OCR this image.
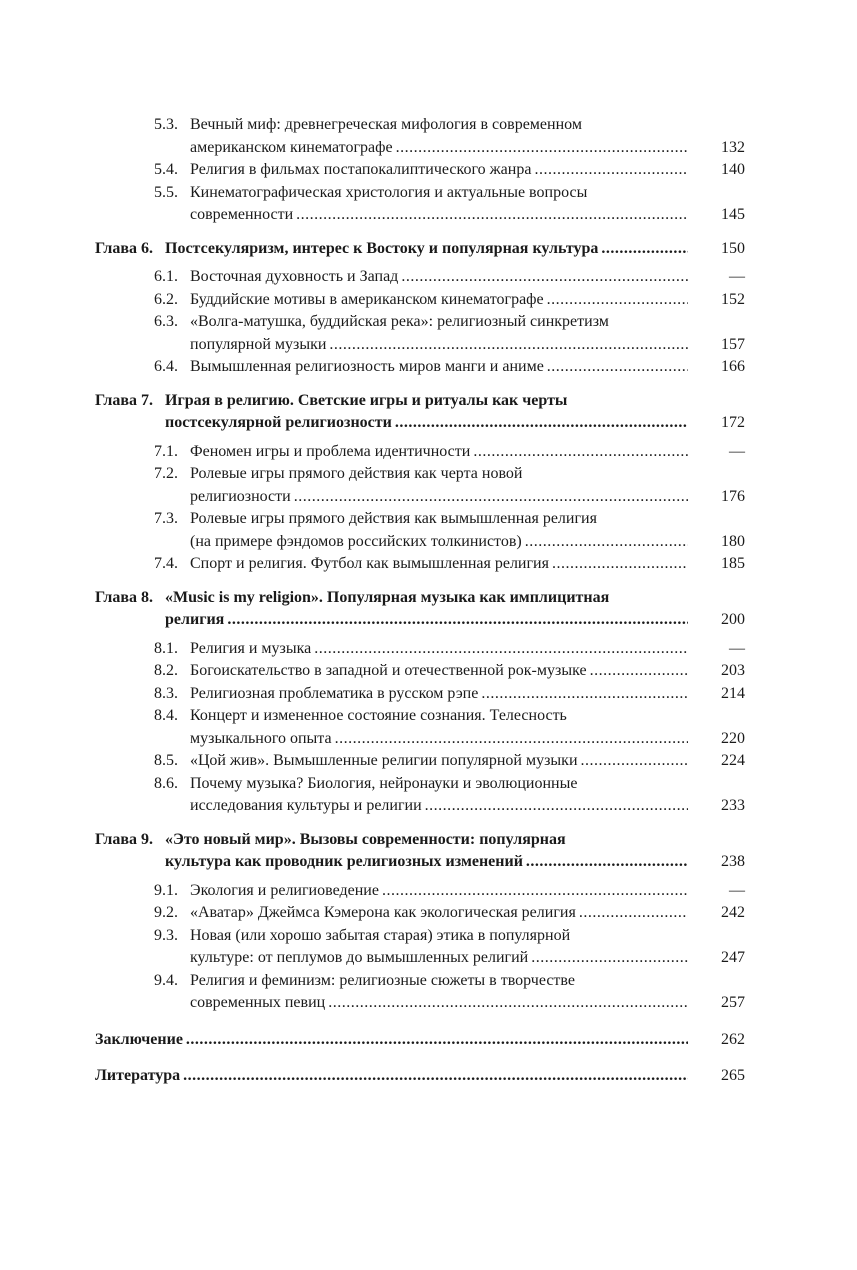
5.3. Вечный миф: древнегреческая мифология в современном
американском кинематографе .....	132
5.4. Религия в фильмах постапокалиптического жанра .....	140
5.5. Кинематографическая христология и актуальные вопросы
современности .....	145
Глава 6. Постсекуляризм, интерес к Востоку и популярная культура .....	150
6.1. Восточная духовность и Запад .....	—
6.2. Буддийские мотивы в американском кинематографе .....	152
6.3. «Волга-матушка, буддийская река»: религиозный синкретизм
популярной музыки .....	157
6.4. Вымышленная религиозность миров манги и аниме .....	166
Глава 7. Играя в религию. Светские игры и ритуалы как черты
постсекулярной религиозности .....	172
7.1. Феномен игры и проблема идентичности .....	—
7.2. Ролевые игры прямого действия как черта новой
религиозности .....	176
7.3. Ролевые игры прямого действия как вымышленная религия
(на примере фэндомов российских толкинистов) .....	180
7.4. Спорт и религия. Футбол как вымышленная религия .....	185
Глава 8. «Music is my religion». Популярная музыка как имплицитная
религия .....	200
8.1. Религия и музыка .....	—
8.2. Богоискательство в западной и отечественной рок-музыке .....	203
8.3. Религиозная проблематика в русском рэпе .....	214
8.4. Концерт и измененное состояние сознания. Телесность
музыкального опыта .....	220
8.5. «Цой жив». Вымышленные религии популярной музыки .....	224
8.6. Почему музыка? Биология, нейронауки и эволюционные
исследования культуры и религии .....	233
Глава 9. «Это новый мир». Вызовы современности: популярная
культура как проводник религиозных изменений .....	238
9.1. Экология и религиоведение .....	—
9.2. «Аватар» Джеймса Кэмерона как экологическая религия .....	242
9.3. Новая (или хорошо забытая старая) этика в популярной
культуре: от пеплумов до вымышленных религий .....	247
9.4. Религия и феминизм: религиозные сюжеты в творчестве
современных певиц .....	257
Заключение .....	262
Литература .....	265
